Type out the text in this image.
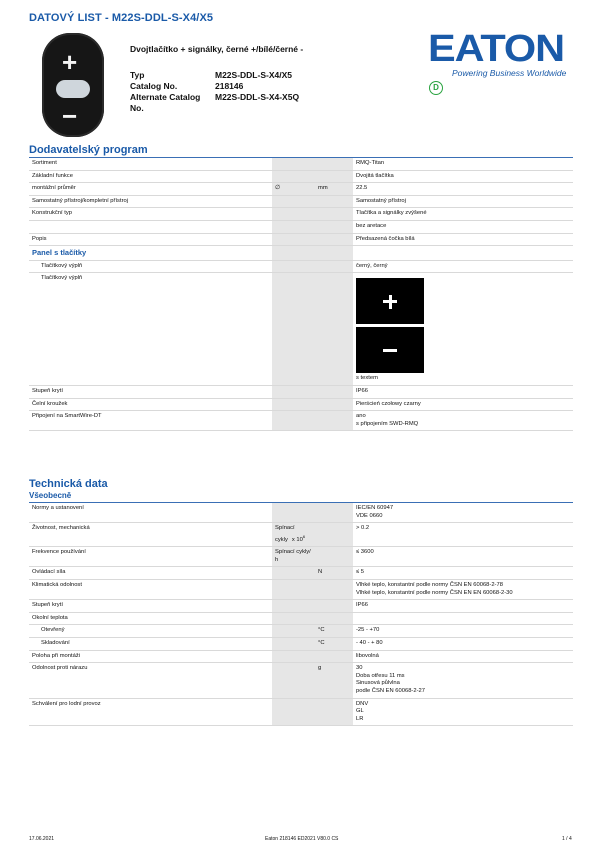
DATOVÝ LIST - M22S-DDL-S-X4/X5
+
−
Dvojtlačítko + signálky, černé +/bílé/černé -
Typ	M22S-DDL-S-X4/X5
Catalog No.	218146
Alternate Catalog No.
M22S-DDL-S-X4-X5Q
EATON
Powering Business Worldwide
D
Dodavatelský program
Sortiment			RMQ-Titan
Základní funkce			Dvojitá tlačítka
montážní průměr	∅	mm	22.5
Samostatný přístroj/kompletní přístroj			Samostatný přístroj
Konstrukční typ			Tlačítka a signálky zvýšené
			bez aretace
Popis			Předsazená čočka bílá
Panel s tlačítky			
Tlačítkový výplň			černý, černý
Tlačítkový výplň			s textem
Stupeň krytí			IP66
Čelní kroužek			Pierścień czołowy czarny
Připojení na SmartWire-DT			ano
s připojením SWD-RMQ
Technická data
Všeobecně
Normy a ustanovení			IEC/EN 60947
VDE 0660

Životnost, mechanická	Spínací cykly x $10^6$		> 0.2

Frekvence používání	Spínací cykly/ h		≤ 3600

Ovládací síla		N	≤ 5

Klimatická odolnost			Vlhké teplo, konstantní podle normy ČSN EN 60068-2-78
Vlhké teplo, konstantní podle normy ČSN EN EN 60068-2-30

Stupeň krytí			IP66

Okolní teplota			

Otevřený		°C	-25 - +70

Skladování		°C	- 40 - + 80

Poloha při montáži			libovolná

Odolnost proti nárazu		g	30
Doba otřesu 11 ms
Sinusová půlvlna
podle ČSN EN 60068-2-27

Schválení pro lodní provoz			DNV
GL
LR
17.06.2021	Eaton 218146 ED2021 V80.0 CS	1 / 4
